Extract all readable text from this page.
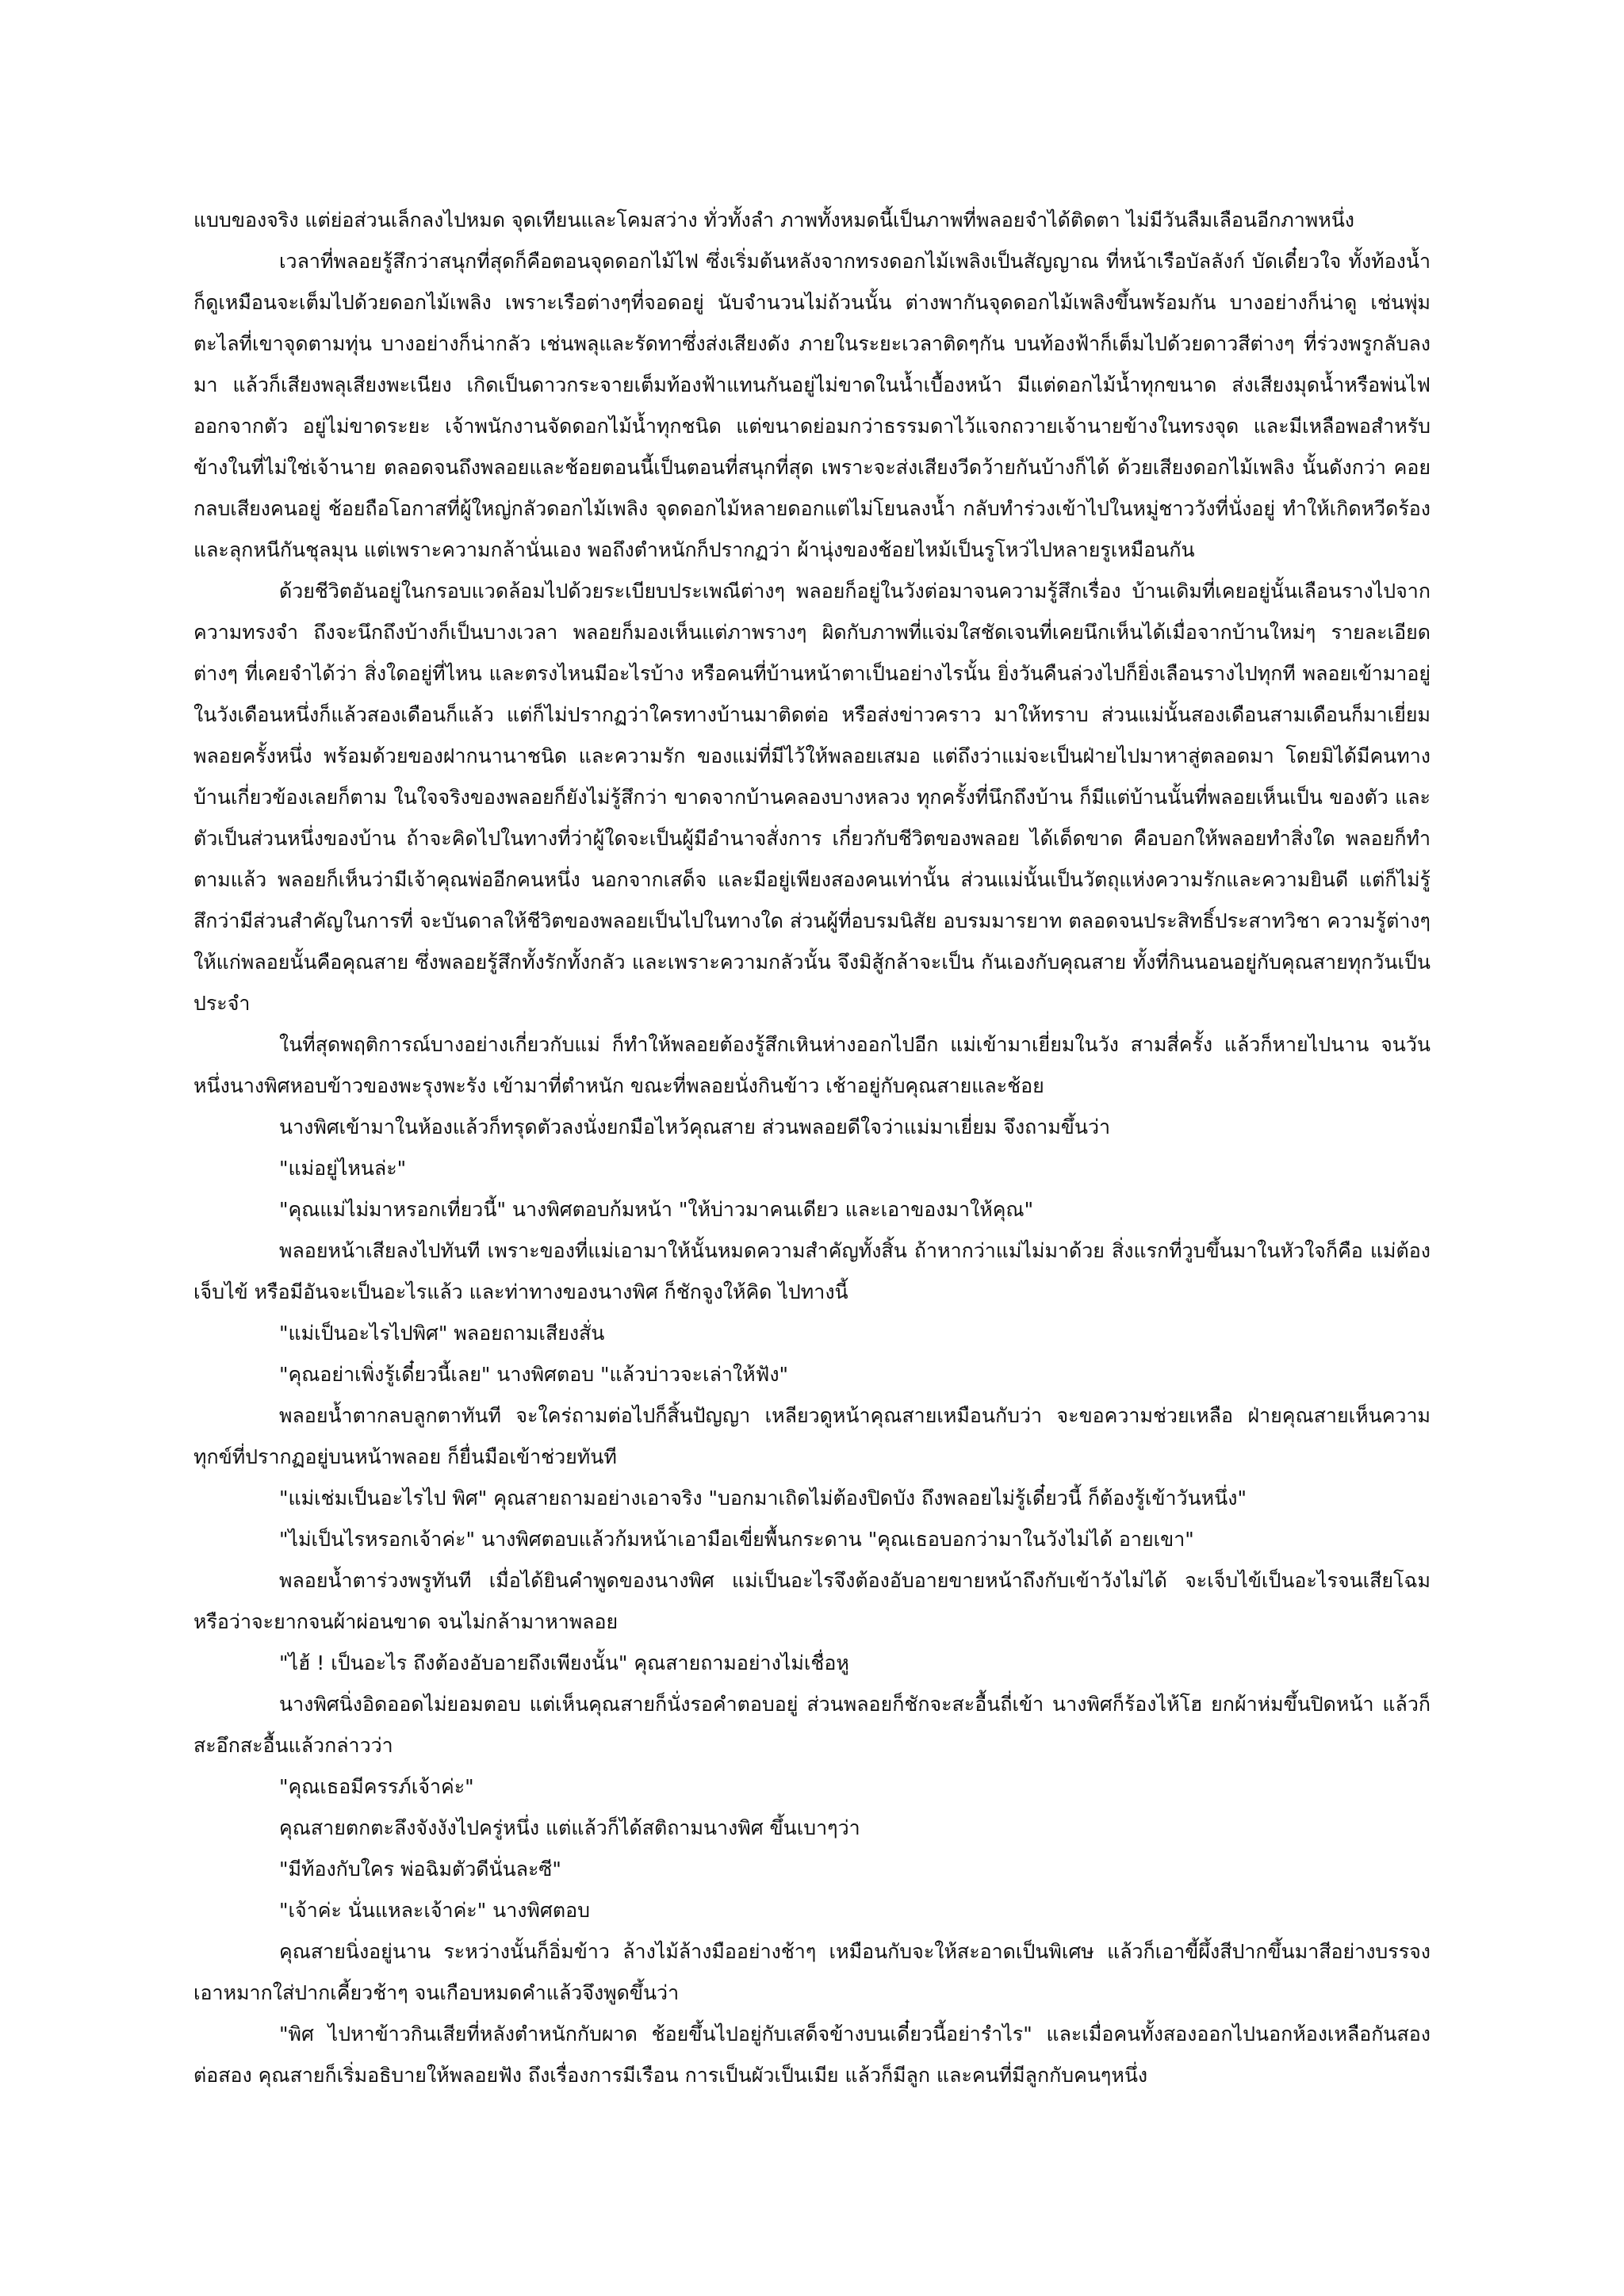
แบบของจริง แต่ย่อส่วนเล็กลงไปหมด จุดเทียนและโคมสว่าง ทั่วทั้งลำ ภาพทั้งหมดนี้เป็นภาพที่พลอยจำได้ติดตา ไม่มีวันลืมเลือนอีกภาพหนึ่ง

เวลาที่พลอยรู้สึกว่าสนุกที่สุดก็คือตอนจุดดอกไม้ไฟ ซึ่งเริ่มต้นหลังจากทรงดอกไม้เพลิงเป็นสัญญาณ ที่หน้าเรือบัลลังก์ บัดเดี๋ยวใจ ทั้งท้องน้ำก็ดูเหมือนจะเต็มไปด้วยดอกไม้เพลิง เพราะเรือต่างๆที่จอดอยู่ นับจำนวนไม่ถ้วนนั้น ต่างพากันจุดดอกไม้เพลิงขึ้นพร้อมกัน บางอย่างก็น่าดู เช่นพุ่มตะไลที่เขาจุดตามทุ่น บางอย่างก็น่ากลัว เช่นพลุและรัดทาซึ่งส่งเสียงดัง ภายในระยะเวลาติดๆกัน บนท้องฟ้าก็เต็มไปด้วยดาวสีต่างๆ ที่ร่วงพรูกลับลงมา แล้วก็เสียงพลุเสียงพะเนียง เกิดเป็นดาวกระจายเต็มท้องฟ้าแทนกันอยู่ไม่ขาดในน้ำเบื้องหน้า มีแต่ดอกไม้น้ำทุกขนาด ส่งเสียงมุดน้ำหรือพ่นไฟออกจากตัว อยู่ไม่ขาดระยะ เจ้าพนักงานจัดดอกไม้น้ำทุกชนิด แต่ขนาดย่อมกว่าธรรมดาไว้แจกถวายเจ้านายข้างในทรงจุด และมีเหลือพอสำหรับข้างในที่ไม่ใช่เจ้านาย ตลอดจนถึงพลอยและช้อยตอนนี้เป็นตอนที่สนุกที่สุด เพราะจะส่งเสียงวีดว้ายกันบ้างก็ได้ ด้วยเสียงดอกไม้เพลิง นั้นดังกว่า คอยกลบเสียงคนอยู่ ช้อยถือโอกาสที่ผู้ใหญ่กลัวดอกไม้เพลิง จุดดอกไม้หลายดอกแต่ไม่โยนลงน้ำ กลับทำร่วงเข้าไปในหมู่ชาววังที่นั่งอยู่ ทำให้เกิดหวีดร้องและลุกหนีกันชุลมุน แต่เพราะความกล้านั่นเอง พอถึงตำหนักก็ปรากฏว่า ผ้านุ่งของช้อยไหม้เป็นรูโหว่ไปหลายรูเหมือนกัน

ด้วยชีวิตอันอยู่ในกรอบแวดล้อมไปด้วยระเบียบประเพณีต่างๆ พลอยก็อยู่ในวังต่อมาจนความรู้สึกเรื่อง บ้านเดิมที่เคยอยู่นั้นเลือนรางไปจากความทรงจำ ถึงจะนึกถึงบ้างก็เป็นบางเวลา พลอยก็มองเห็นแต่ภาพรางๆ ผิดกับภาพที่แจ่มใสชัดเจนที่เคยนึกเห็นได้เมื่อจากบ้านใหม่ๆ รายละเอียดต่างๆ ที่เคยจำได้ว่า สิ่งใดอยู่ที่ไหน และตรงไหนมีอะไรบ้าง หรือคนที่บ้านหน้าตาเป็นอย่างไรนั้น ยิ่งวันคืนล่วงไปก็ยิ่งเลือนรางไปทุกที พลอยเข้ามาอยู่ในวังเดือนหนึ่งก็แล้วสองเดือนก็แล้ว แต่ก็ไม่ปรากฏว่าใครทางบ้านมาติดต่อ หรือส่งข่าวคราว มาให้ทราบ ส่วนแม่นั้นสองเดือนสามเดือนก็มาเยี่ยมพลอยครั้งหนึ่ง พร้อมด้วยของฝากนานาชนิด และความรัก ของแม่ที่มีไว้ให้พลอยเสมอ แต่ถึงว่าแม่จะเป็นฝ่ายไปมาหาสู่ตลอดมา โดยมิได้มีคนทางบ้านเกี่ยวข้องเลยก็ตาม ในใจจริงของพลอยก็ยังไม่รู้สึกว่า ขาดจากบ้านคลองบางหลวง ทุกครั้งที่นึกถึงบ้าน ก็มีแต่บ้านนั้นที่พลอยเห็นเป็น ของตัว และตัวเป็นส่วนหนึ่งของบ้าน ถ้าจะคิดไปในทางที่ว่าผู้ใดจะเป็นผู้มีอำนาจสั่งการ เกี่ยวกับชีวิตของพลอย ได้เด็ดขาด คือบอกให้พลอยทำสิ่งใด พลอยก็ทำตามแล้ว พลอยก็เห็นว่ามีเจ้าคุณพ่ออีกคนหนึ่ง นอกจากเสด็จ และมีอยู่เพียงสองคนเท่านั้น ส่วนแม่นั้นเป็นวัตถุแห่งความรักและความยินดี แต่ก็ไม่รู้สึกว่ามีส่วนสำคัญในการที่ จะบันดาลให้ชีวิตของพลอยเป็นไปในทางใด ส่วนผู้ที่อบรมนิสัย อบรมมารยาท ตลอดจนประสิทธิ์ประสาทวิชา ความรู้ต่างๆ ให้แก่พลอยนั้นคือคุณสาย ซึ่งพลอยรู้สึกทั้งรักทั้งกลัว และเพราะความกลัวนั้น จึงมิสู้กล้าจะเป็น กันเองกับคุณสาย ทั้งที่กินนอนอยู่กับคุณสายทุกวันเป็นประจำ

ในที่สุดพฤติการณ์บางอย่างเกี่ยวกับแม่ ก็ทำให้พลอยต้องรู้สึกเหินห่างออกไปอีก แม่เข้ามาเยี่ยมในวัง สามสี่ครั้ง แล้วก็หายไปนาน จนวันหนึ่งนางพิศหอบข้าวของพะรุงพะรัง เข้ามาที่ตำหนัก ขณะที่พลอยนั่งกินข้าว เช้าอยู่กับคุณสายและช้อย

นางพิศเข้ามาในห้องแล้วก็ทรุดตัวลงนั่งยกมือไหว้คุณสาย ส่วนพลอยดีใจว่าแม่มาเยี่ยม จึงถามขึ้นว่า

"แม่อยู่ไหนล่ะ"

"คุณแม่ไม่มาหรอกเที่ยวนี้" นางพิศตอบก้มหน้า "ให้บ่าวมาคนเดียว และเอาของมาให้คุณ"

พลอยหน้าเสียลงไปทันที เพราะของที่แม่เอามาให้นั้นหมดความสำคัญทั้งสิ้น ถ้าหากว่าแม่ไม่มาด้วย สิ่งแรกที่วูบขึ้นมาในหัวใจก็คือ แม่ต้องเจ็บไข้ หรือมีอันจะเป็นอะไรแล้ว และท่าทางของนางพิศ ก็ชักจูงให้คิด ไปทางนี้

"แม่เป็นอะไรไปพิศ" พลอยถามเสียงสั่น

"คุณอย่าเพิ่งรู้เดี๋ยวนี้เลย" นางพิศตอบ "แล้วบ่าวจะเล่าให้ฟัง"

พลอยน้ำตากลบลูกตาทันที จะใคร่ถามต่อไปก็สิ้นปัญญา เหลียวดูหน้าคุณสายเหมือนกับว่า จะขอความช่วยเหลือ ฝ่ายคุณสายเห็นความทุกข์ที่ปรากฏอยู่บนหน้าพลอย ก็ยื่นมือเข้าช่วยทันที

"แม่เช่มเป็นอะไรไป พิศ" คุณสายถามอย่างเอาจริง "บอกมาเถิดไม่ต้องปิดบัง ถึงพลอยไม่รู้เดี๋ยวนี้ ก็ต้องรู้เข้าวันหนึ่ง"

"ไม่เป็นไรหรอกเจ้าค่ะ" นางพิศตอบแล้วก้มหน้าเอามือเขี่ยพื้นกระดาน "คุณเธอบอกว่ามาในวังไม่ได้ อายเขา"

พลอยน้ำตาร่วงพรูทันที เมื่อได้ยินคำพูดของนางพิศ แม่เป็นอะไรจึงต้องอับอายขายหน้าถึงกับเข้าวังไม่ได้ จะเจ็บไข้เป็นอะไรจนเสียโฉม หรือว่าจะยากจนผ้าผ่อนขาด จนไม่กล้ามาหาพลอย

"ไฮ้ ! เป็นอะไร ถึงต้องอับอายถึงเพียงนั้น" คุณสายถามอย่างไม่เชื่อหู

นางพิศนิ่งอิดออดไม่ยอมตอบ แต่เห็นคุณสายก็นั่งรอคำตอบอยู่ ส่วนพลอยก็ชักจะสะอื้นถี่เข้า นางพิศก็ร้องไห้โฮ ยกผ้าห่มขึ้นปิดหน้า แล้วก็สะอึกสะอื้นแล้วกล่าวว่า

"คุณเธอมีครรภ์เจ้าค่ะ"

คุณสายตกตะลึงจังงังไปครู่หนึ่ง แต่แล้วก็ได้สติถามนางพิศ ขึ้นเบาๆว่า

"มีท้องกับใคร พ่อฉิมตัวดีนั่นละซี"

"เจ้าค่ะ นั่นแหละเจ้าค่ะ" นางพิศตอบ

คุณสายนิ่งอยู่นาน ระหว่างนั้นก็อิ่มข้าว ล้างไม้ล้างมืออย่างช้าๆ เหมือนกับจะให้สะอาดเป็นพิเศษ แล้วก็เอาขี้ผึ้งสีปากขึ้นมาสีอย่างบรรจง เอาหมากใส่ปากเคี้ยวช้าๆ จนเกือบหมดคำแล้วจึงพูดขึ้นว่า

"พิศ ไปหาข้าวกินเสียที่หลังตำหนักกับผาด ช้อยขึ้นไปอยู่กับเสด็จข้างบนเดี๋ยวนี้อย่ารำไร" และเมื่อคนทั้งสองออกไปนอกห้องเหลือกันสองต่อสอง คุณสายก็เริ่มอธิบายให้พลอยฟัง ถึงเรื่องการมีเรือน การเป็นผัวเป็นเมีย แล้วก็มีลูก และคนที่มีลูกกับคนๆหนึ่ง
